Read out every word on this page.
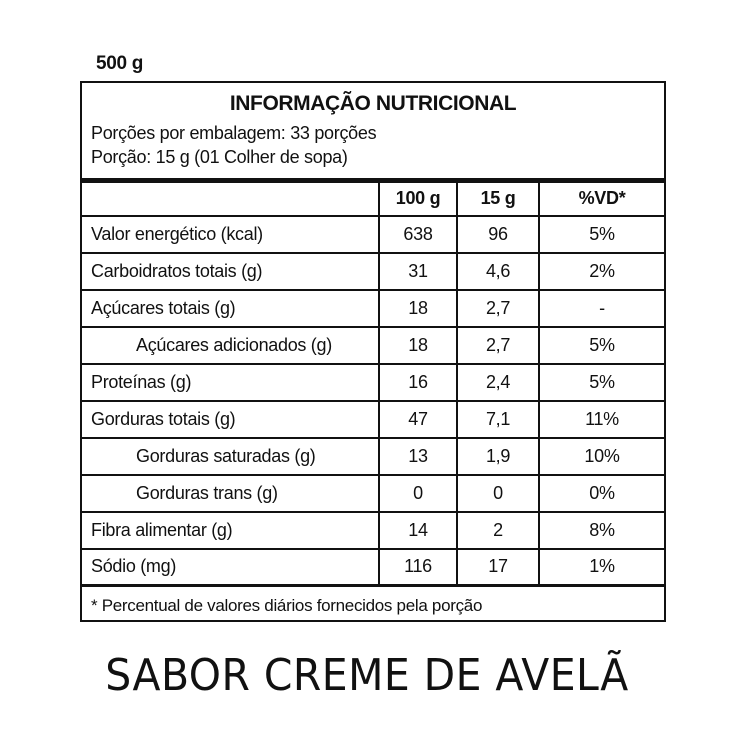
500 g
INFORMAÇÃO NUTRICIONAL
Porções por embalagem: 33 porções
Porção: 15 g (01 Colher de sopa)
	100 g	15 g	%VD*
Valor energético (kcal)	638	96	5%
Carboidratos totais (g)	31	4,6	2%
Açúcares totais (g)	18	2,7	-
Açúcares adicionados (g)	18	2,7	5%
Proteínas (g)	16	2,4	5%
Gorduras totais (g)	47	7,1	11%
Gorduras saturadas (g)	13	1,9	10%
Gorduras trans (g)	0	0	0%
Fibra alimentar (g)	14	2	8%
Sódio (mg)	116	17	1%
* Percentual de valores diários fornecidos pela porção
SABOR CREME DE AVELÃ
